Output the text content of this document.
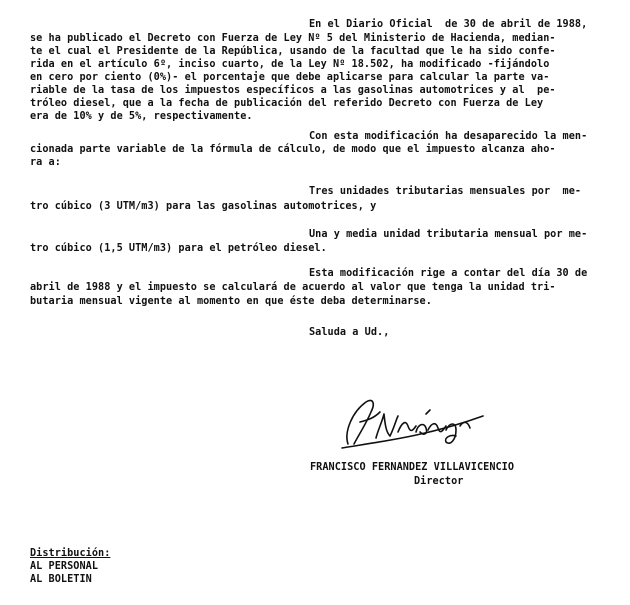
En el Diario Oficial  de 30 de abril de 1988,
se ha publicado el Decreto con Fuerza de Ley Nº 5 del Ministerio de Hacienda, median-
te el cual el Presidente de la República, usando de la facultad que le ha sido confe-
rida en el artículo 6º, inciso cuarto, de la Ley Nº 18.502, ha modificado -fijándolo
en cero por ciento (0%)- el porcentaje que debe aplicarse para calcular la parte va-
riable de la tasa de los impuestos específicos a las gasolinas automotrices y al  pe-
tróleo diesel, que a la fecha de publicación del referido Decreto con Fuerza de Ley
era de 10% y de 5%, respectivamente.
Con esta modificación ha desaparecido la men-
cionada parte variable de la fórmula de cálculo, de modo que el impuesto alcanza aho-
ra a:
Tres unidades tributarias mensuales por  me-
tro cúbico (3 UTM/m3) para las gasolinas automotrices, y
Una y media unidad tributaria mensual por me-
tro cúbico (1,5 UTM/m3) para el petróleo diesel.
Esta modificación rige a contar del día 30 de
abril de 1988 y el impuesto se calculará de acuerdo al valor que tenga la unidad tri-
butaria mensual vigente al momento en que éste deba determinarse.
Saluda a Ud.,
FRANCISCO FERNANDEZ VILLAVICENCIO
Director
Distribución:
AL PERSONAL
AL BOLETIN
